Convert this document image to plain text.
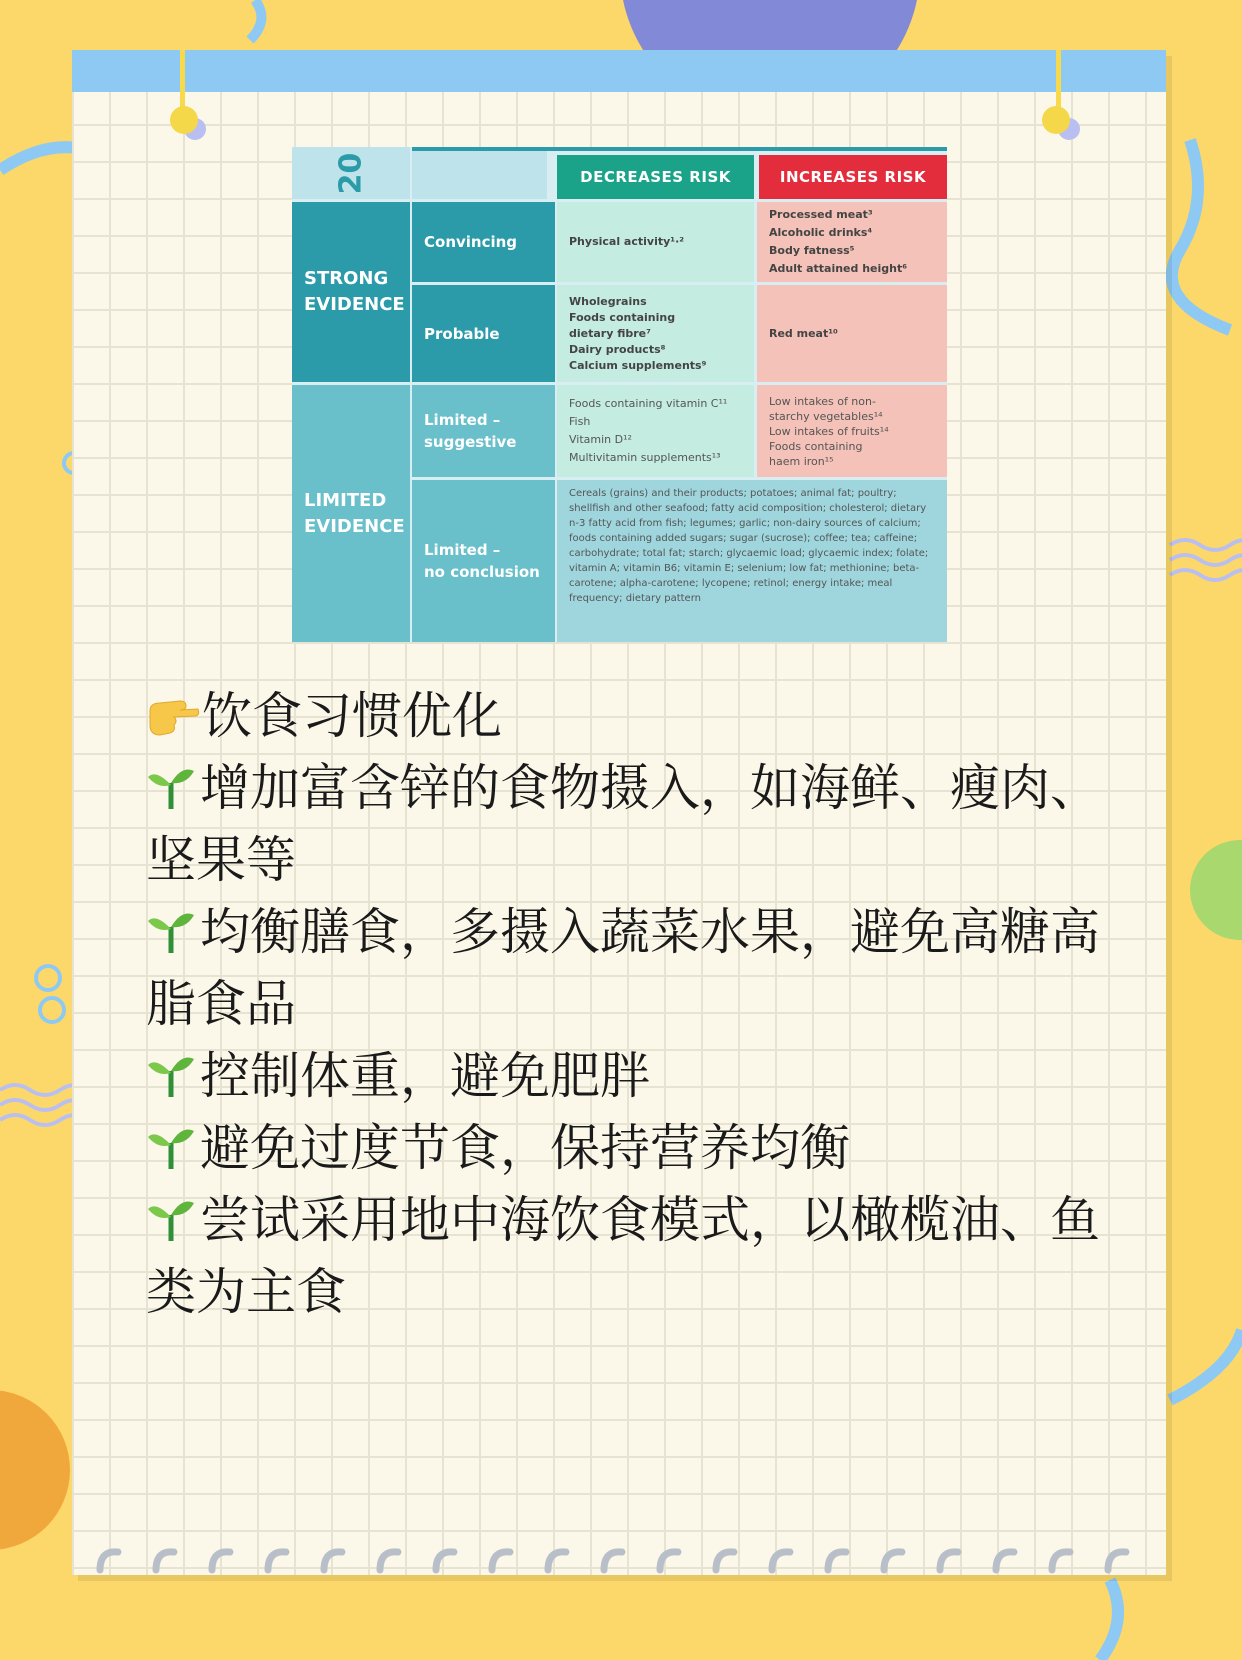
20	DECREASES RISK	INCREASES RISK
STRONG
EVIDENCE
LIMITED
EVIDENCE
Convincing
Probable
Limited –
suggestive
Limited –
no conclusion
Physical activity¹·²
Processed meat³
Alcoholic drinks⁴
Body fatness⁵
Adult attained height⁶
Wholegrains
Foods containing
dietary fibre⁷
Dairy products⁸
Calcium supplements⁹
Red meat¹⁰
Foods containing vitamin C¹¹
Fish
Vitamin D¹²
Multivitamin supplements¹³
Low intakes of non-
starchy vegetables¹⁴
Low intakes of fruits¹⁴
Foods containing
haem iron¹⁵
Cereals (grains) and their products; potatoes; animal fat; poultry; shellfish and other seafood; fatty acid composition; cholesterol; dietary n-3 fatty acid from fish; legumes; garlic; non-dairy sources of calcium; foods containing added sugars; sugar (sucrose); coffee; tea; caffeine; carbohydrate; total fat; starch; glycaemic load; glycaemic index; folate; vitamin A; vitamin B6; vitamin E; selenium; low fat; methionine; beta-carotene; alpha-carotene; lycopene; retinol; energy intake; meal frequency; dietary pattern
饮食习惯优化
增加富含锌的食物摄入，如海鲜、瘦肉、坚果等
均衡膳食，多摄入蔬菜水果，避免高糖高脂食品
控制体重，避免肥胖
避免过度节食，保持营养均衡
尝试采用地中海饮食模式，以橄榄油、鱼类为主食
